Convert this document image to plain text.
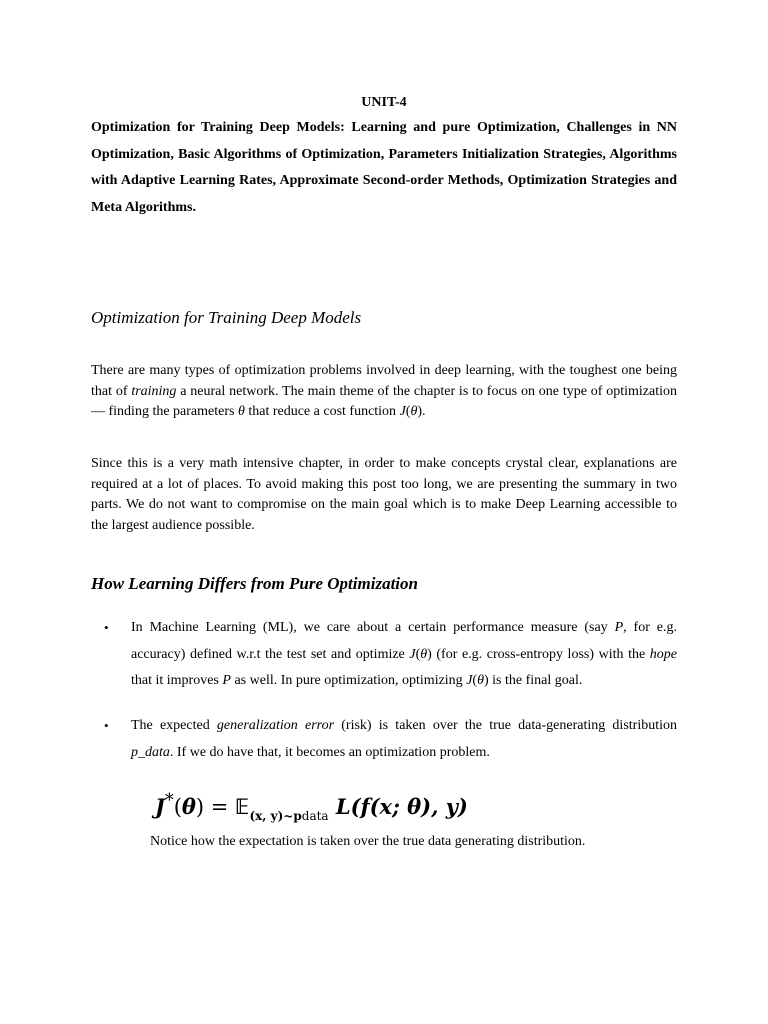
UNIT-4

Optimization for Training Deep Models: Learning and pure Optimization, Challenges in NN Optimization, Basic Algorithms of Optimization, Parameters Initialization Strategies, Algorithms with Adaptive Learning Rates, Approximate Second-order Methods, Optimization Strategies and Meta Algorithms.

Optimization for Training Deep Models

There are many types of optimization problems involved in deep learning, with the toughest one being that of training a neural network. The main theme of the chapter is to focus on one type of optimization — finding the parameters θ that reduce a cost function J(θ).

Since this is a very math intensive chapter, in order to make concepts crystal clear, explanations are required at a lot of places. To avoid making this post too long, we are presenting the summary in two parts. We do not want to compromise on the main goal which is to make Deep Learning accessible to the largest audience possible.

How Learning Differs from Pure Optimization
• In Machine Learning (ML), we care about a certain performance measure (say P, for e.g. accuracy) defined w.r.t the test set and optimize J(θ) (for e.g. cross-entropy loss) with the hope that it improves P as well. In pure optimization, optimizing J(θ) is the final goal.
• The expected generalization error (risk) is taken over the true data-generating distribution p_data. If we do have that, it becomes an optimization problem.
J*(θ) = 𝔼$_{(x, y)\sim pdata}$ L(f(x; θ), y)

Notice how the expectation is taken over the true data generating distribution.
